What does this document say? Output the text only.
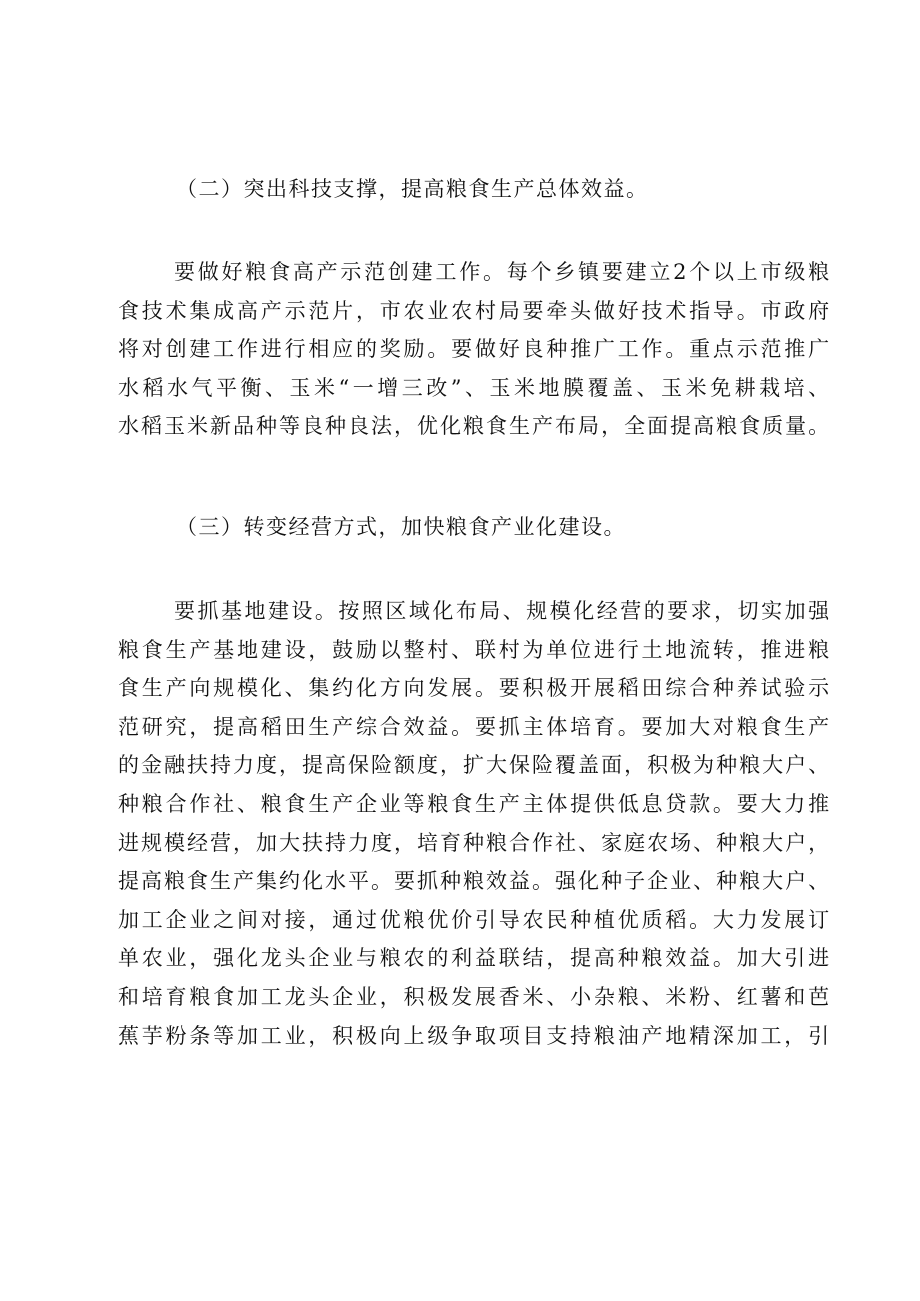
（二）突出科技支撑，提高粮食生产总体效益。
要做好粮食高产示范创建工作。每个乡镇要建立2个以上市级粮
食技术集成高产示范片，市农业农村局要牵头做好技术指导。市政府
将对创建工作进行相应的奖励。要做好良种推广工作。重点示范推广
水稻水气平衡、玉米“一增三改”、玉米地膜覆盖、玉米免耕栽培、
水稻玉米新品种等良种良法，优化粮食生产布局，全面提高粮食质量。
（三）转变经营方式，加快粮食产业化建设。
要抓基地建设。按照区域化布局、规模化经营的要求，切实加强
粮食生产基地建设，鼓励以整村、联村为单位进行土地流转，推进粮
食生产向规模化、集约化方向发展。要积极开展稻田综合种养试验示
范研究，提高稻田生产综合效益。要抓主体培育。要加大对粮食生产
的金融扶持力度，提高保险额度，扩大保险覆盖面，积极为种粮大户、
种粮合作社、粮食生产企业等粮食生产主体提供低息贷款。要大力推
进规模经营，加大扶持力度，培育种粮合作社、家庭农场、种粮大户，
提高粮食生产集约化水平。要抓种粮效益。强化种子企业、种粮大户、
加工企业之间对接，通过优粮优价引导农民种植优质稻。大力发展订
单农业，强化龙头企业与粮农的利益联结，提高种粮效益。加大引进
和培育粮食加工龙头企业，积极发展香米、小杂粮、米粉、红薯和芭
蕉芋粉条等加工业，积极向上级争取项目支持粮油产地精深加工，引
